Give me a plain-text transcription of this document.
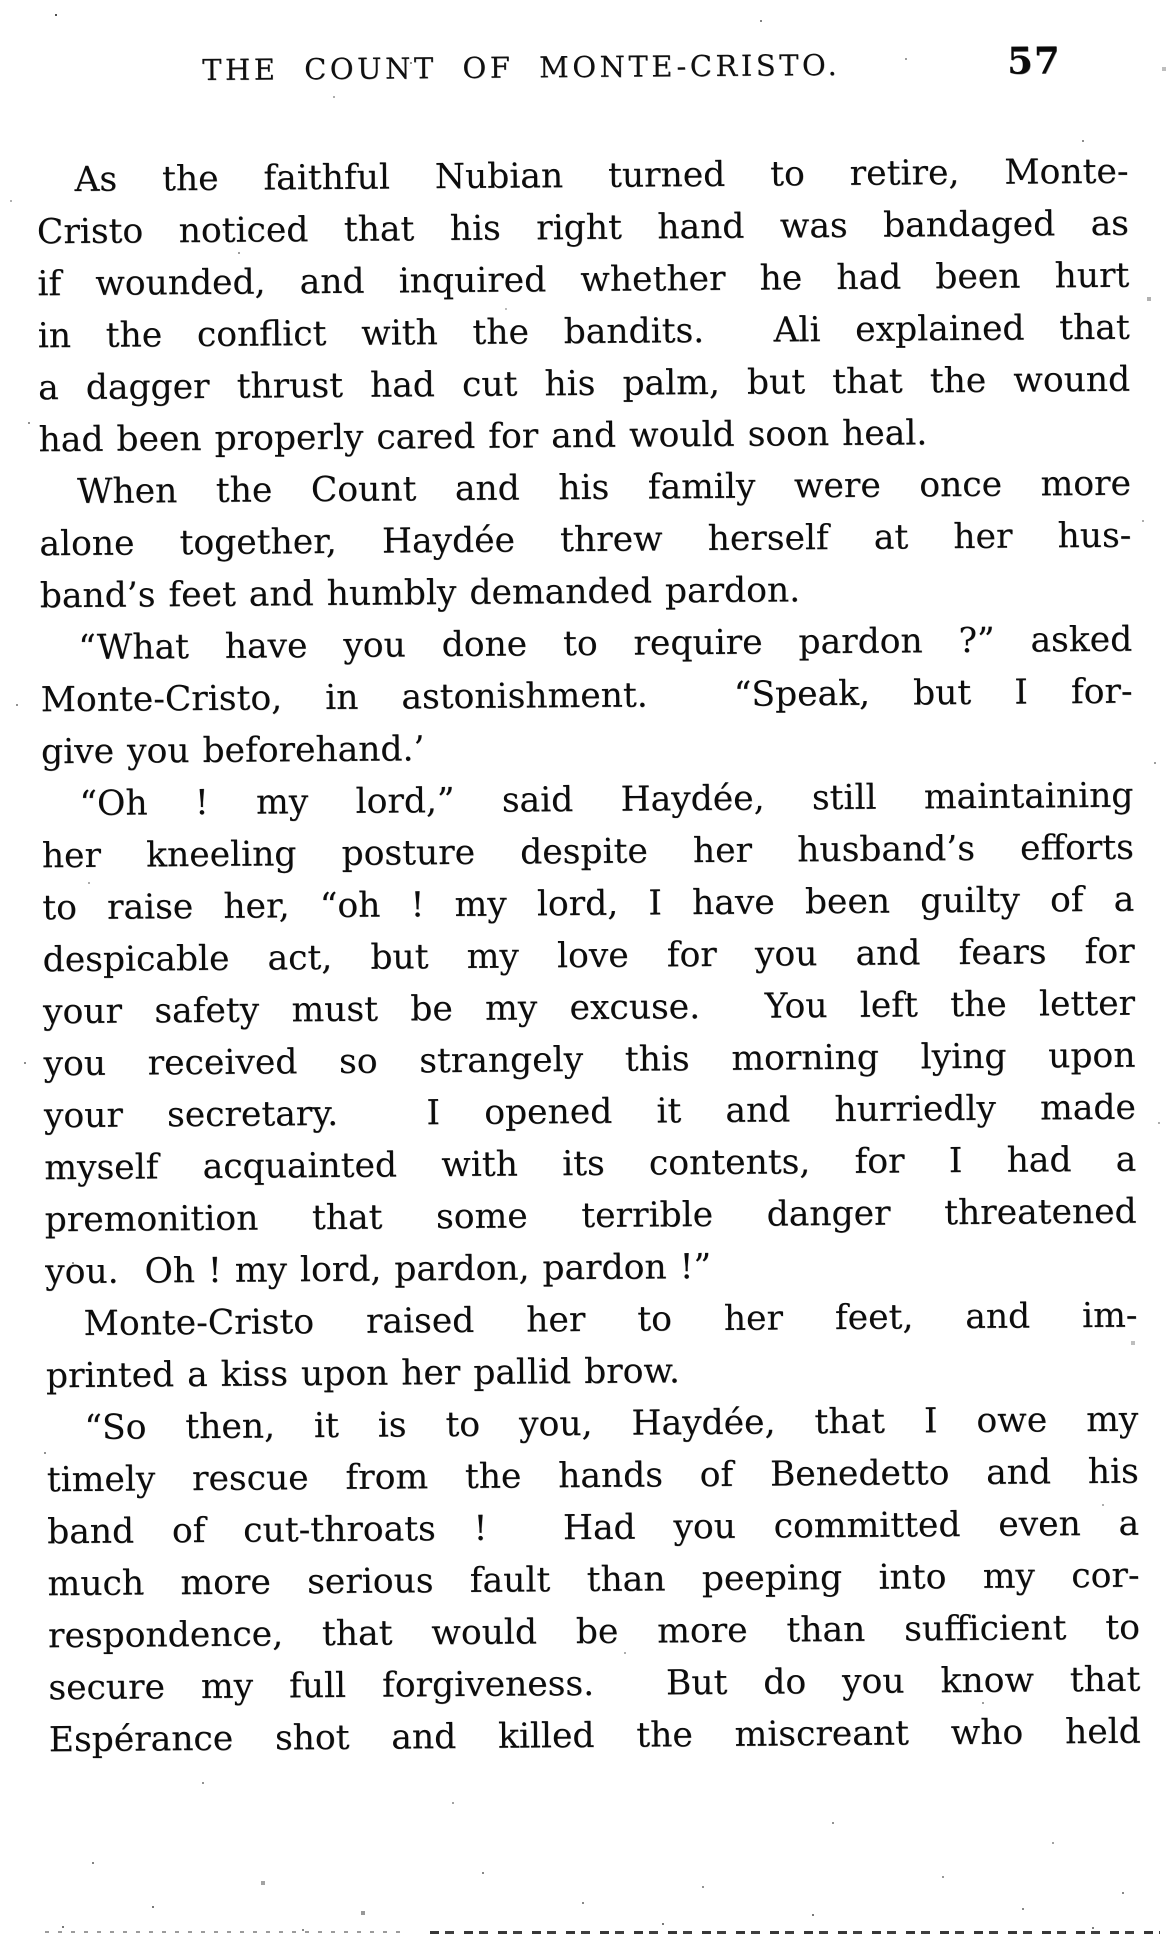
THE COUNT OF MONTE-CRISTO.	57
As the faithful Nubian turned to retire, Monte-
Cristo noticed that his right hand was bandaged as
if wounded, and inquired whether he had been hurt
in the conflict with the bandits.  Ali explained that
a dagger thrust had cut his palm, but that the wound
had been properly cared for and would soon heal.
When the Count and his family were once more
alone together, Haydée threw herself at her hus-
band’s feet and humbly demanded pardon.
“What have you done to require pardon ?” asked
Monte-Cristo, in astonishment.  “Speak, but I for-
give you beforehand.’
“Oh ! my lord,” said Haydée, still maintaining
her kneeling posture despite her husband’s efforts
to raise her, “oh ! my lord, I have been guilty of a
despicable act, but my love for you and fears for
your safety must be my excuse.  You left the letter
you received so strangely this morning lying upon
your secretary.  I opened it and hurriedly made
myself acquainted with its contents, for I had a
premonition that some terrible danger threatened
you.  Oh ! my lord, pardon, pardon !”
Monte-Cristo raised her to her feet, and im-
printed a kiss upon her pallid brow.
“So then, it is to you, Haydée, that I owe my
timely rescue from the hands of Benedetto and his
band of cut-throats !  Had you committed even a
much more serious fault than peeping into my cor-
respondence, that would be more than sufficient to
secure my full forgiveness.  But do you know that
Espérance shot and killed the miscreant who held
